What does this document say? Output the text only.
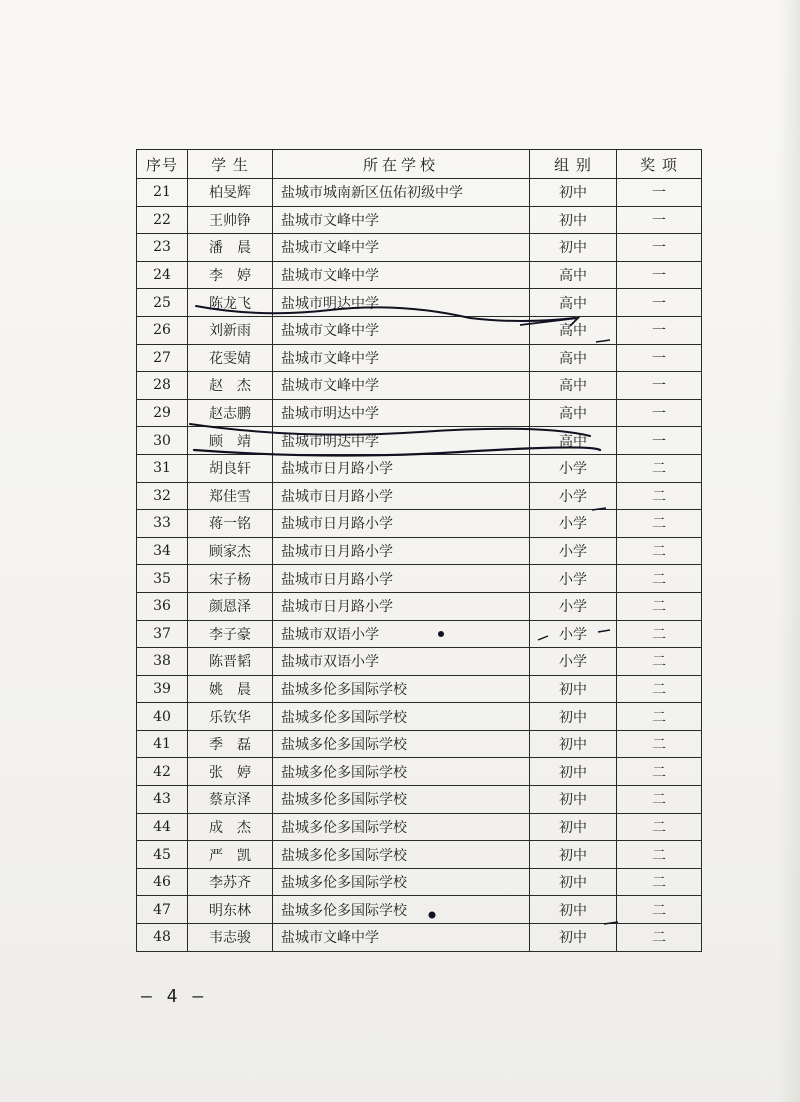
序号	学 生	所在学校	组 别	奖 项
21	柏旻辉	盐城市城南新区伍佑初级中学	初中	一
22	王帅铮	盐城市文峰中学	初中	一
23	潘　晨	盐城市文峰中学	初中	一
24	李　婷	盐城市文峰中学	高中	一
25	陈龙飞	盐城市明达中学	高中	一
26	刘新雨	盐城市文峰中学	高中	一
27	花雯婧	盐城市文峰中学	高中	一
28	赵　杰	盐城市文峰中学	高中	一
29	赵志鹏	盐城市明达中学	高中	一
30	顾　靖	盐城市明达中学	高中	一
31	胡良轩	盐城市日月路小学	小学	二
32	郑佳雪	盐城市日月路小学	小学	二
33	蒋一铭	盐城市日月路小学	小学	二
34	顾家杰	盐城市日月路小学	小学	二
35	宋子杨	盐城市日月路小学	小学	二
36	颜恩泽	盐城市日月路小学	小学	二
37	李子豪	盐城市双语小学	小学	二
38	陈晋韬	盐城市双语小学	小学	二
39	姚　晨	盐城多伦多国际学校	初中	二
40	乐钦华	盐城多伦多国际学校	初中	二
41	季　磊	盐城多伦多国际学校	初中	二
42	张　婷	盐城多伦多国际学校	初中	二
43	蔡京泽	盐城多伦多国际学校	初中	二
44	成　杰	盐城多伦多国际学校	初中	二
45	严　凯	盐城多伦多国际学校	初中	二
46	李苏齐	盐城多伦多国际学校	初中	二
47	明东林	盐城多伦多国际学校	初中	二
48	韦志骏	盐城市文峰中学	初中	二
— 4 —
